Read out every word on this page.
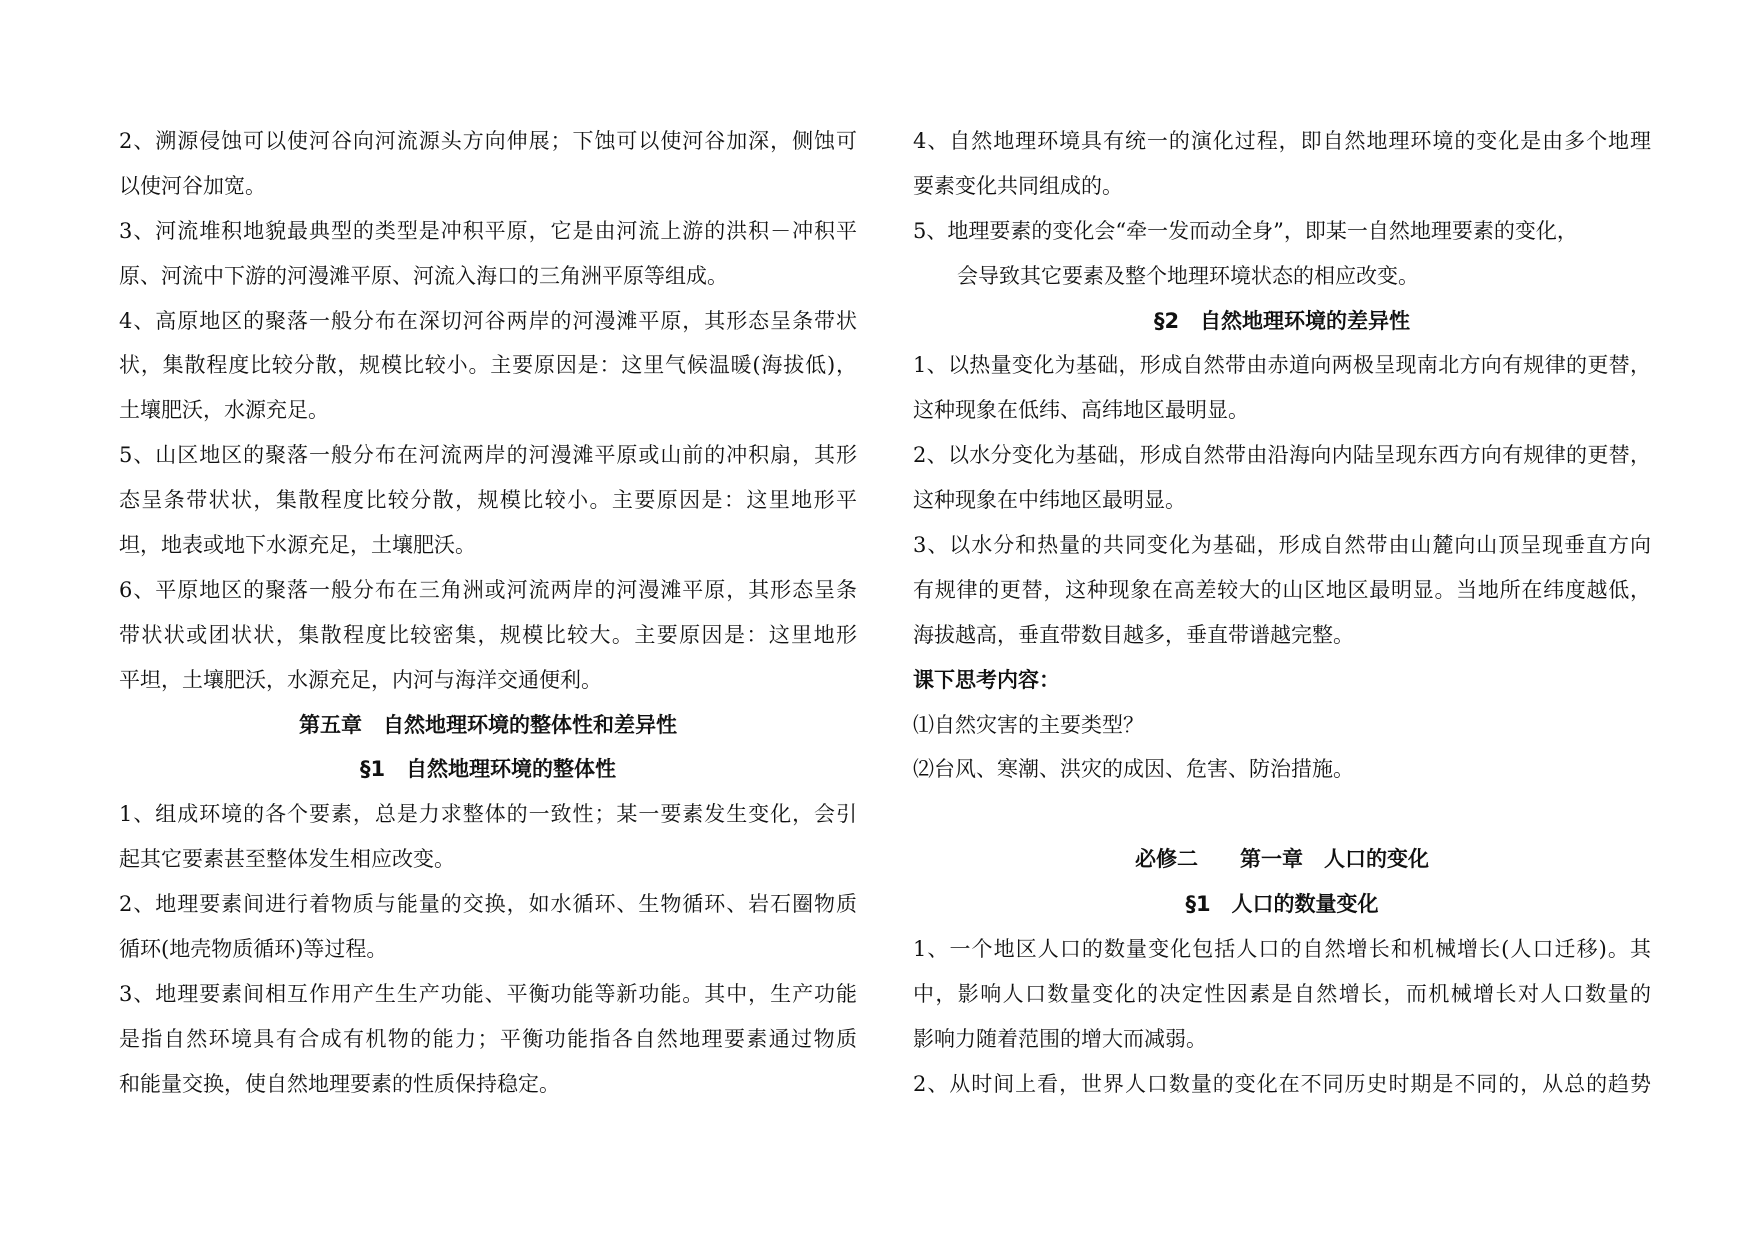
2、溯源侵蚀可以使河谷向河流源头方向伸展；下蚀可以使河谷加深，侧蚀可
以使河谷加宽。
3、河流堆积地貌最典型的类型是冲积平原，它是由河流上游的洪积－冲积平
原、河流中下游的河漫滩平原、河流入海口的三角洲平原等组成。
4、高原地区的聚落一般分布在深切河谷两岸的河漫滩平原，其形态呈条带状
状，集散程度比较分散，规模比较小。主要原因是：这里气候温暖(海拔低)，
土壤肥沃，水源充足。
5、山区地区的聚落一般分布在河流两岸的河漫滩平原或山前的冲积扇，其形
态呈条带状状，集散程度比较分散，规模比较小。主要原因是：这里地形平
坦，地表或地下水源充足，土壤肥沃。
6、平原地区的聚落一般分布在三角洲或河流两岸的河漫滩平原，其形态呈条
带状状或团状状，集散程度比较密集，规模比较大。主要原因是：这里地形
平坦，土壤肥沃，水源充足，内河与海洋交通便利。
第五章　自然地理环境的整体性和差异性
§1　自然地理环境的整体性
1、组成环境的各个要素，总是力求整体的一致性；某一要素发生变化，会引
起其它要素甚至整体发生相应改变。
2、地理要素间进行着物质与能量的交换，如水循环、生物循环、岩石圈物质
循环(地壳物质循环)等过程。
3、地理要素间相互作用产生生产功能、平衡功能等新功能。其中，生产功能
是指自然环境具有合成有机物的能力；平衡功能指各自然地理要素通过物质
和能量交换，使自然地理要素的性质保持稳定。
4、自然地理环境具有统一的演化过程，即自然地理环境的变化是由多个地理
要素变化共同组成的。
5、地理要素的变化会“牵一发而动全身”，即某一自然地理要素的变化，
会导致其它要素及整个地理环境状态的相应改变。
§2　自然地理环境的差异性
1、以热量变化为基础，形成自然带由赤道向两极呈现南北方向有规律的更替，
这种现象在低纬、高纬地区最明显。
2、以水分变化为基础，形成自然带由沿海向内陆呈现东西方向有规律的更替，
这种现象在中纬地区最明显。
3、以水分和热量的共同变化为基础，形成自然带由山麓向山顶呈现垂直方向
有规律的更替，这种现象在高差较大的山区地区最明显。当地所在纬度越低，
海拔越高，垂直带数目越多，垂直带谱越完整。
课下思考内容：
⑴自然灾害的主要类型？
⑵台风、寒潮、洪灾的成因、危害、防治措施。
必修二　　第一章　人口的变化
§1　人口的数量变化
1、一个地区人口的数量变化包括人口的自然增长和机械增长(人口迁移)。其
中，影响人口数量变化的决定性因素是自然增长，而机械增长对人口数量的
影响力随着范围的增大而减弱。
2、从时间上看，世界人口数量的变化在不同历史时期是不同的，从总的趋势
